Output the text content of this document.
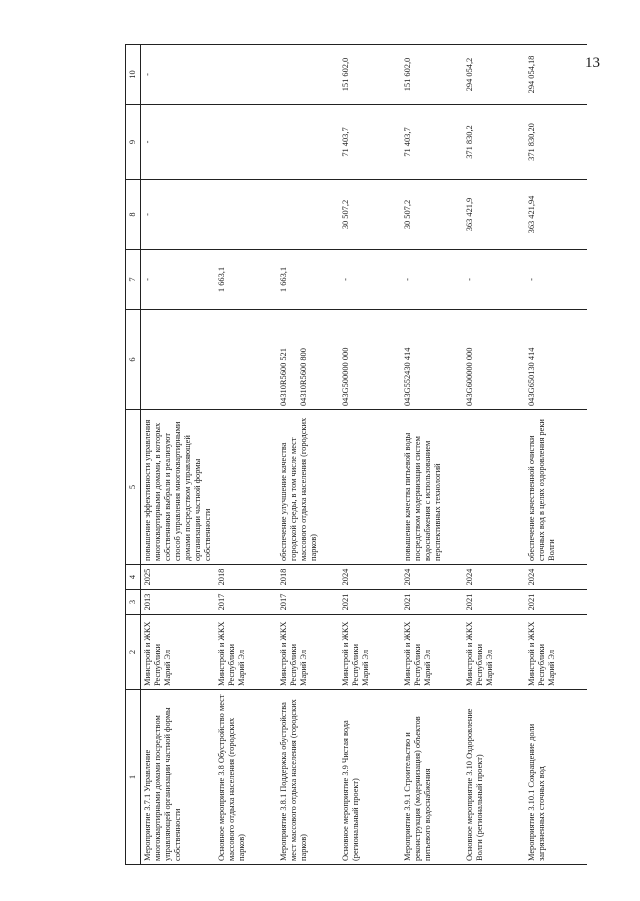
13
1	2	3	4	5	6	7	8	9	10
Мероприятие 3.7.1 Управление многоквартирными домами посредством управляющей организации частной формы собственности	Минстрой и ЖКХ Республики Марий Эл	2013	2025	повышение эффективности управления многоквартирными домами, в которых собственники выбрали и реализуют способ управления многоквартирными домами посредством управляющей организации частной формы собственности		-	-	-	-
Основное мероприятие 3.8 Обустройство мест массового отдыха населения (городских парков)	Минстрой и ЖКХ Республики Марий Эл	2017	2018			1 663,1			
Мероприятие 3.8.1 Поддержка обустройства мест массового отдыха населения (городских парков)	Минстрой и ЖКХ Республики Марий Эл	2017	2018	обеспечение улучшение качества городской среды, в том числе мест массового отдыха населения (городских парков)	04310R5600 521 04310R5600 800	1 663,1			
Основное мероприятие 3.9 Чистая вода (региональный проект)	Минстрой и ЖКХ Республики Марий Эл	2021	2024		043G500000 000	-	30 507,2	71 403,7	151 602,0
Мероприятие 3.9.1 Строительство и реконструкция (модернизация) объектов питьевого водоснабжения	Минстрой и ЖКХ Республики Марий Эл	2021	2024	повышение качества питьевой воды посредством модернизации систем водоснабжения с использованием перспективных технологий	043G552430 414	-	30 507,2	71 403,7	151 602,0
Основное мероприятие 3.10 Оздоровление Волги (региональный проект)	Минстрой и ЖКХ Республики Марий Эл	2021	2024		043G600000 000	-	363 421,9	371 830,2	294 054,2
Мероприятие 3.10.1 Сокращение доли загрязненных сточных вод	Минстрой и ЖКХ Республики Марий Эл	2021	2024	обеспечение качественной очистки сточных вод в целях оздоровления реки Волги	043G650130 414	-	363 421,94	371 830,20	294 054,18
